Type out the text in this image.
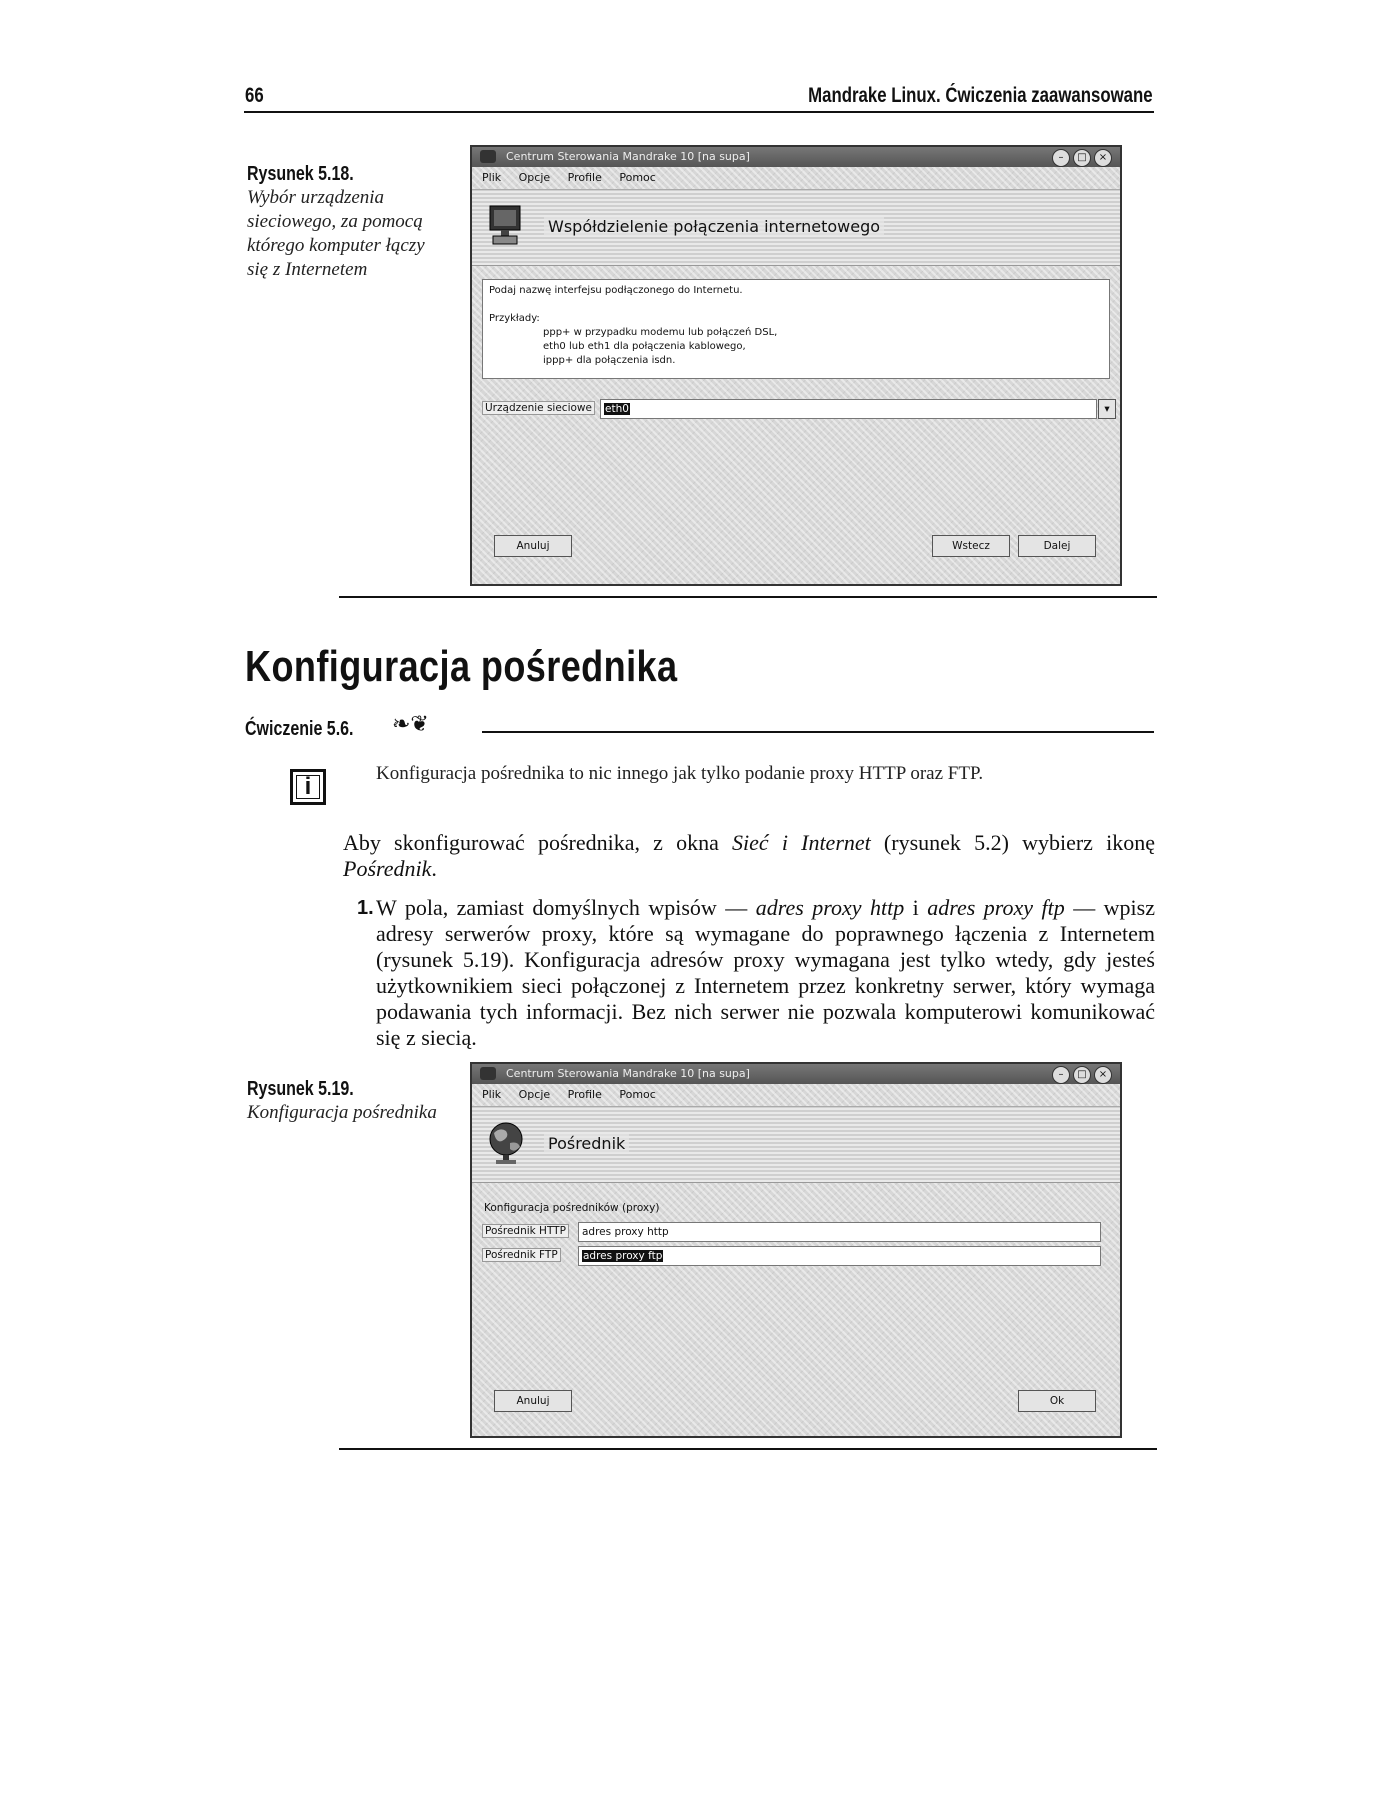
66	Mandrake Linux. Ćwiczenia zaawansowane
Rysunek 5.18.
Wybór urządzenia sieciowego, za pomocą którego komputer łączy się z Internetem
Centrum Sterowania Mandrake 10 [na supa]	–	□	×
Plik Opcje Profile Pomoc
Współdzielenie połączenia internetowego
Podaj nazwę interfejsu podłączonego do Internetu.
Przykłady:
ppp+ w przypadku modemu lub połączeń DSL,
eth0 lub eth1 dla połączenia kablowego,
ippp+ dla połączenia isdn.
Urządzenie sieciowe	eth0	▾
Anuluj	Wstecz	Dalej
Konfiguracja pośrednika
Ćwiczenie 5.6. ❧❦
i	Konfiguracja pośrednika to nic innego jak tylko podanie proxy HTTP oraz FTP.
Aby skonfigurować pośrednika, z okna Sieć i Internet (rysunek 5.2) wybierz ikonę Pośrednik.
1. W pola, zamiast domyślnych wpisów — adres proxy http i adres proxy ftp — wpisz adresy serwerów proxy, które są wymagane do poprawnego łączenia z Internetem (rysunek 5.19). Konfiguracja adresów proxy wymagana jest tylko wtedy, gdy jesteś użytkownikiem sieci połączonej z Internetem przez konkretny serwer, który wymaga podawania tych informacji. Bez nich serwer nie pozwala komputerowi komunikować się z siecią.
Rysunek 5.19.
Konfiguracja pośrednika
Centrum Sterowania Mandrake 10 [na supa]	–	□	×
Plik Opcje Profile Pomoc
Pośrednik
Konfiguracja pośredników (proxy)
Pośrednik HTTP	adres proxy http
Pośrednik FTP	adres proxy ftp
Anuluj	Ok
